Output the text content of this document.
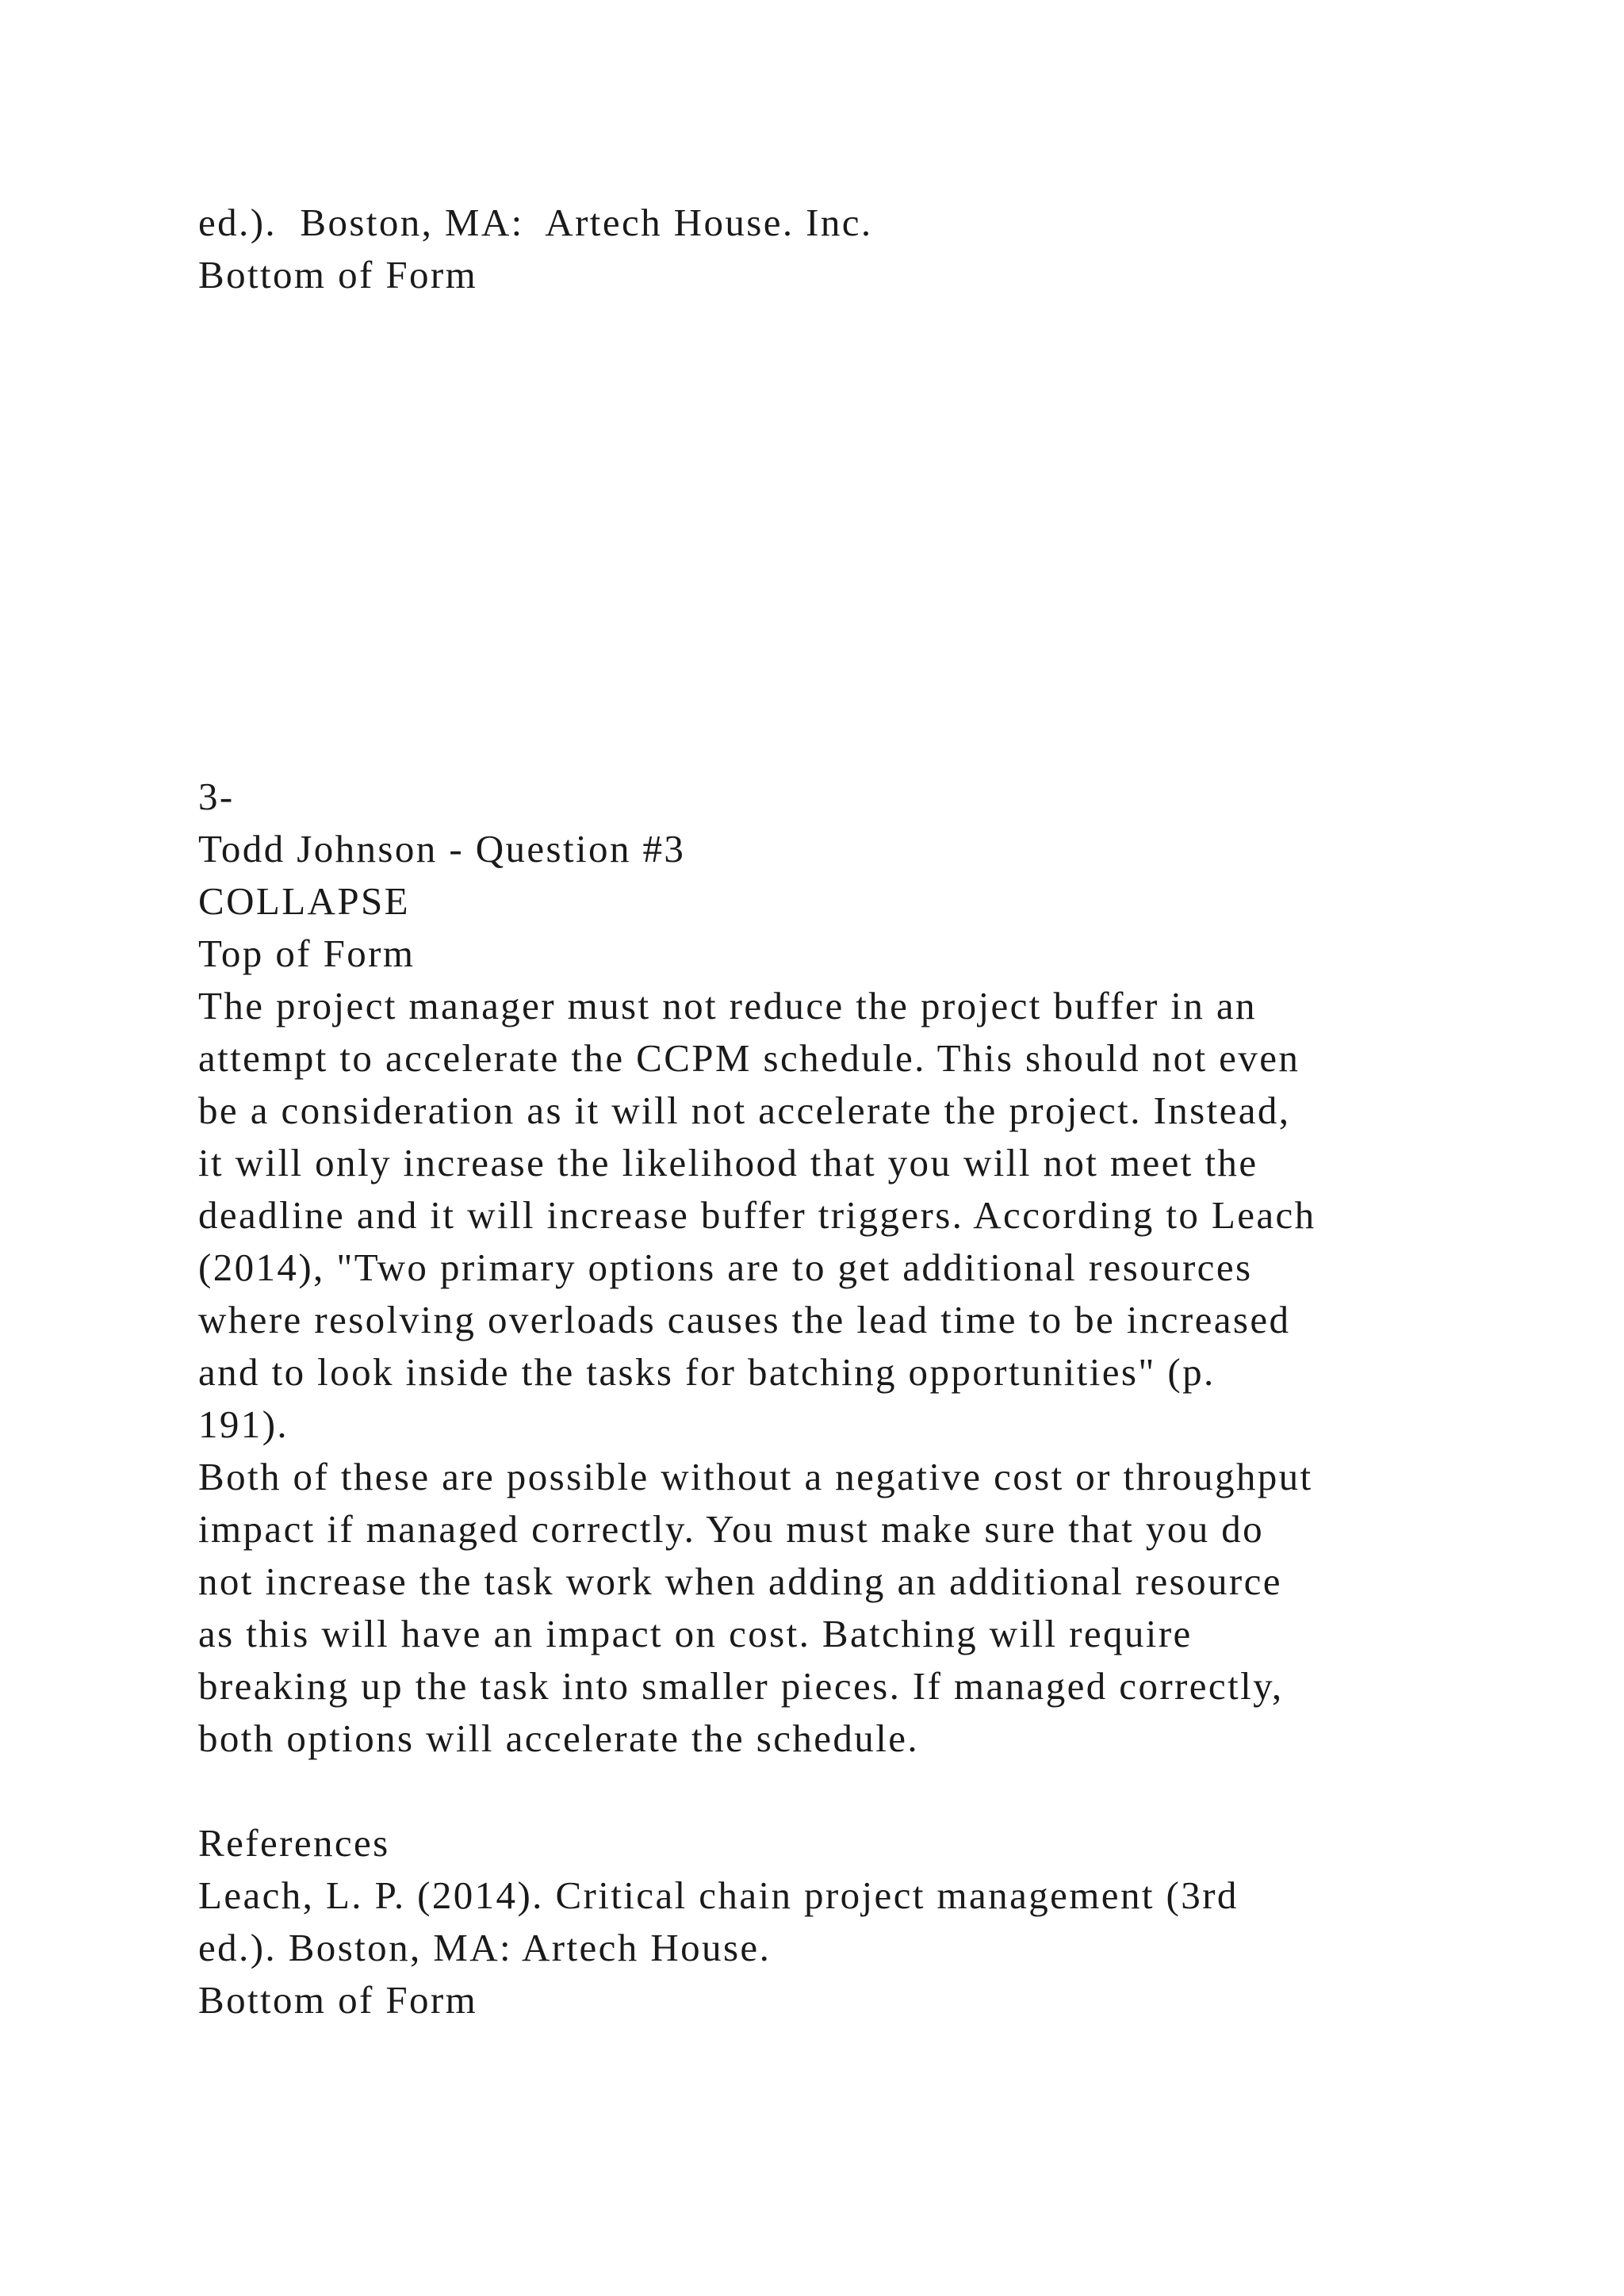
ed.).  Boston, MA:  Artech House. Inc.

Bottom of Form

3-

Todd Johnson - Question #3

COLLAPSE

Top of Form

The project manager must not reduce the project buffer in an

attempt to accelerate the CCPM schedule. This should not even

be a consideration as it will not accelerate the project. Instead,

it will only increase the likelihood that you will not meet the

deadline and it will increase buffer triggers. According to Leach

(2014), "Two primary options are to get additional resources

where resolving overloads causes the lead time to be increased

and to look inside the tasks for batching opportunities" (p.

191).

Both of these are possible without a negative cost or throughput

impact if managed correctly. You must make sure that you do

not increase the task work when adding an additional resource

as this will have an impact on cost. Batching will require

breaking up the task into smaller pieces. If managed correctly,

both options will accelerate the schedule.

References

Leach, L. P. (2014). Critical chain project management (3rd

ed.). Boston, MA: Artech House.

Bottom of Form
